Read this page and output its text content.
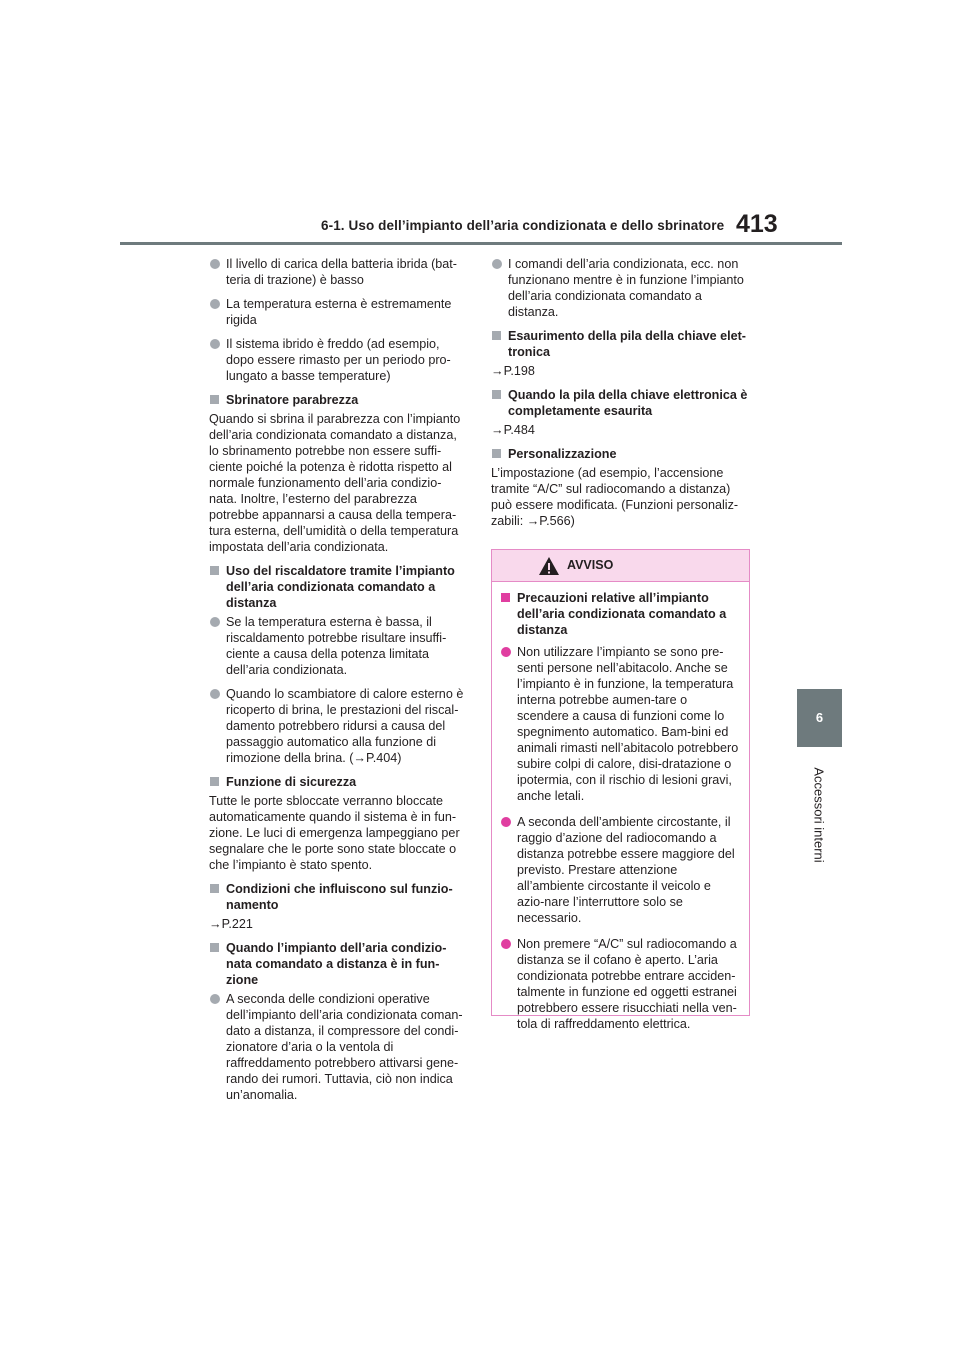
6-1. Uso dell’impianto dell’aria condizionata e dello sbrinatore 413
6
Accessori interni
Il livello di carica della batteria ibrida (bat-teria di trazione) è basso
La temperatura esterna è estremamente rigida
Il sistema ibrido è freddo (ad esempio, dopo essere rimasto per un periodo pro-lungato a basse temperature)
Sbrinatore parabrezza
Quando si sbrina il parabrezza con l’impianto dell’aria condizionata comandato a distanza, lo sbrinamento potrebbe non essere suffi-ciente poiché la potenza è ridotta rispetto al normale funzionamento dell’aria condizio-nata. Inoltre, l’esterno del parabrezza potrebbe appannarsi a causa della tempera-tura esterna, dell’umidità o della temperatura impostata dell’aria condizionata.
Uso del riscaldatore tramite l’impianto dell’aria condizionata comandato a distanza
Se la temperatura esterna è bassa, il riscaldamento potrebbe risultare insuffi-ciente a causa della potenza limitata dell’aria condizionata.
Quando lo scambiatore di calore esterno è ricoperto di brina, le prestazioni del riscal-damento potrebbero ridursi a causa del passaggio automatico alla funzione di rimozione della brina. (→P.404)
Funzione di sicurezza
Tutte le porte sbloccate verranno bloccate automaticamente quando il sistema è in fun-zione. Le luci di emergenza lampeggiano per segnalare che le porte sono state bloccate o che l’impianto è stato spento.
Condizioni che influiscono sul funzio-namento
→P.221
Quando l’impianto dell’aria condizio-nata comandato a distanza è in fun-zione
A seconda delle condizioni operative dell’impianto dell’aria condizionata coman-dato a distanza, il compressore del condi-zionatore d’aria o la ventola di raffreddamento potrebbero attivarsi gene-rando dei rumori. Tuttavia, ciò non indica un’anomalia.
I comandi dell’aria condizionata, ecc. non funzionano mentre è in funzione l’impianto dell’aria condizionata comandato a distanza.
Esaurimento della pila della chiave elet-tronica
→P.198
Quando la pila della chiave elettronica è completamente esaurita
→P.484
Personalizzazione
L’impostazione (ad esempio, l’accensione tramite “A/C” sul radiocomando a distanza) può essere modificata. (Funzioni personaliz-zabili: →P.566)
AVVISO
Precauzioni relative all’impianto dell’aria condizionata comandato a distanza
Non utilizzare l’impianto se sono pre-senti persone nell’abitacolo. Anche se l’impianto è in funzione, la temperatura interna potrebbe aumen-tare o scendere a causa di funzioni come lo spegnimento automatico. Bam-bini ed animali rimasti nell’abitacolo potrebbero subire colpi di calore, disi-dratazione o ipotermia, con il rischio di lesioni gravi, anche letali.
A seconda dell’ambiente circostante, il raggio d’azione del radiocomando a distanza potrebbe essere maggiore del previsto. Prestare attenzione all’ambiente circostante il veicolo e azio-nare l’interruttore solo se necessario.
Non premere “A/C” sul radiocomando a distanza se il cofano è aperto. L’aria condizionata potrebbe entrare acciden-talmente in funzione ed oggetti estranei potrebbero essere risucchiati nella ven-tola di raffreddamento elettrica.
